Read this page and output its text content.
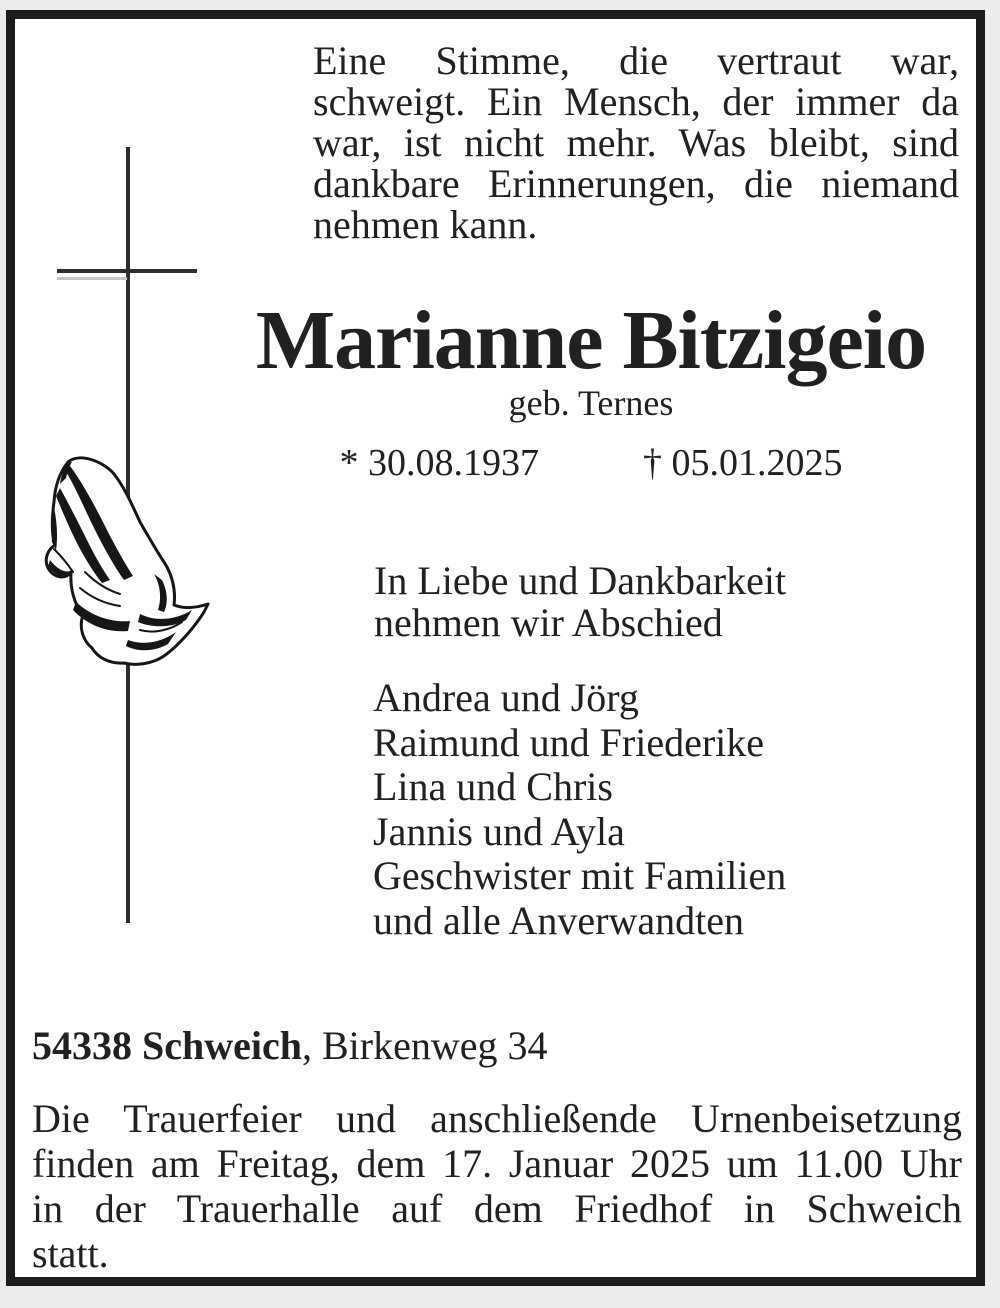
Eine Stimme, die vertraut war,
schweigt. Ein Mensch, der immer da
war, ist nicht mehr. Was bleibt, sind
dankbare Erinnerungen, die niemand
nehmen kann.
Marianne Bitzigeio
geb. Ternes
* 30.08.1937	† 05.01.2025
In Liebe und Dankbarkeit
nehmen wir Abschied
Andrea und Jörg
Raimund und Friederike
Lina und Chris
Jannis und Ayla
Geschwister mit Familien
und alle Anverwandten
54338 Schweich, Birkenweg 34
Die Trauerfeier und anschließende Urnenbeisetzung
finden am Freitag, dem 17. Januar 2025 um 11.00 Uhr
in der Trauerhalle auf dem Friedhof in Schweich
statt.
